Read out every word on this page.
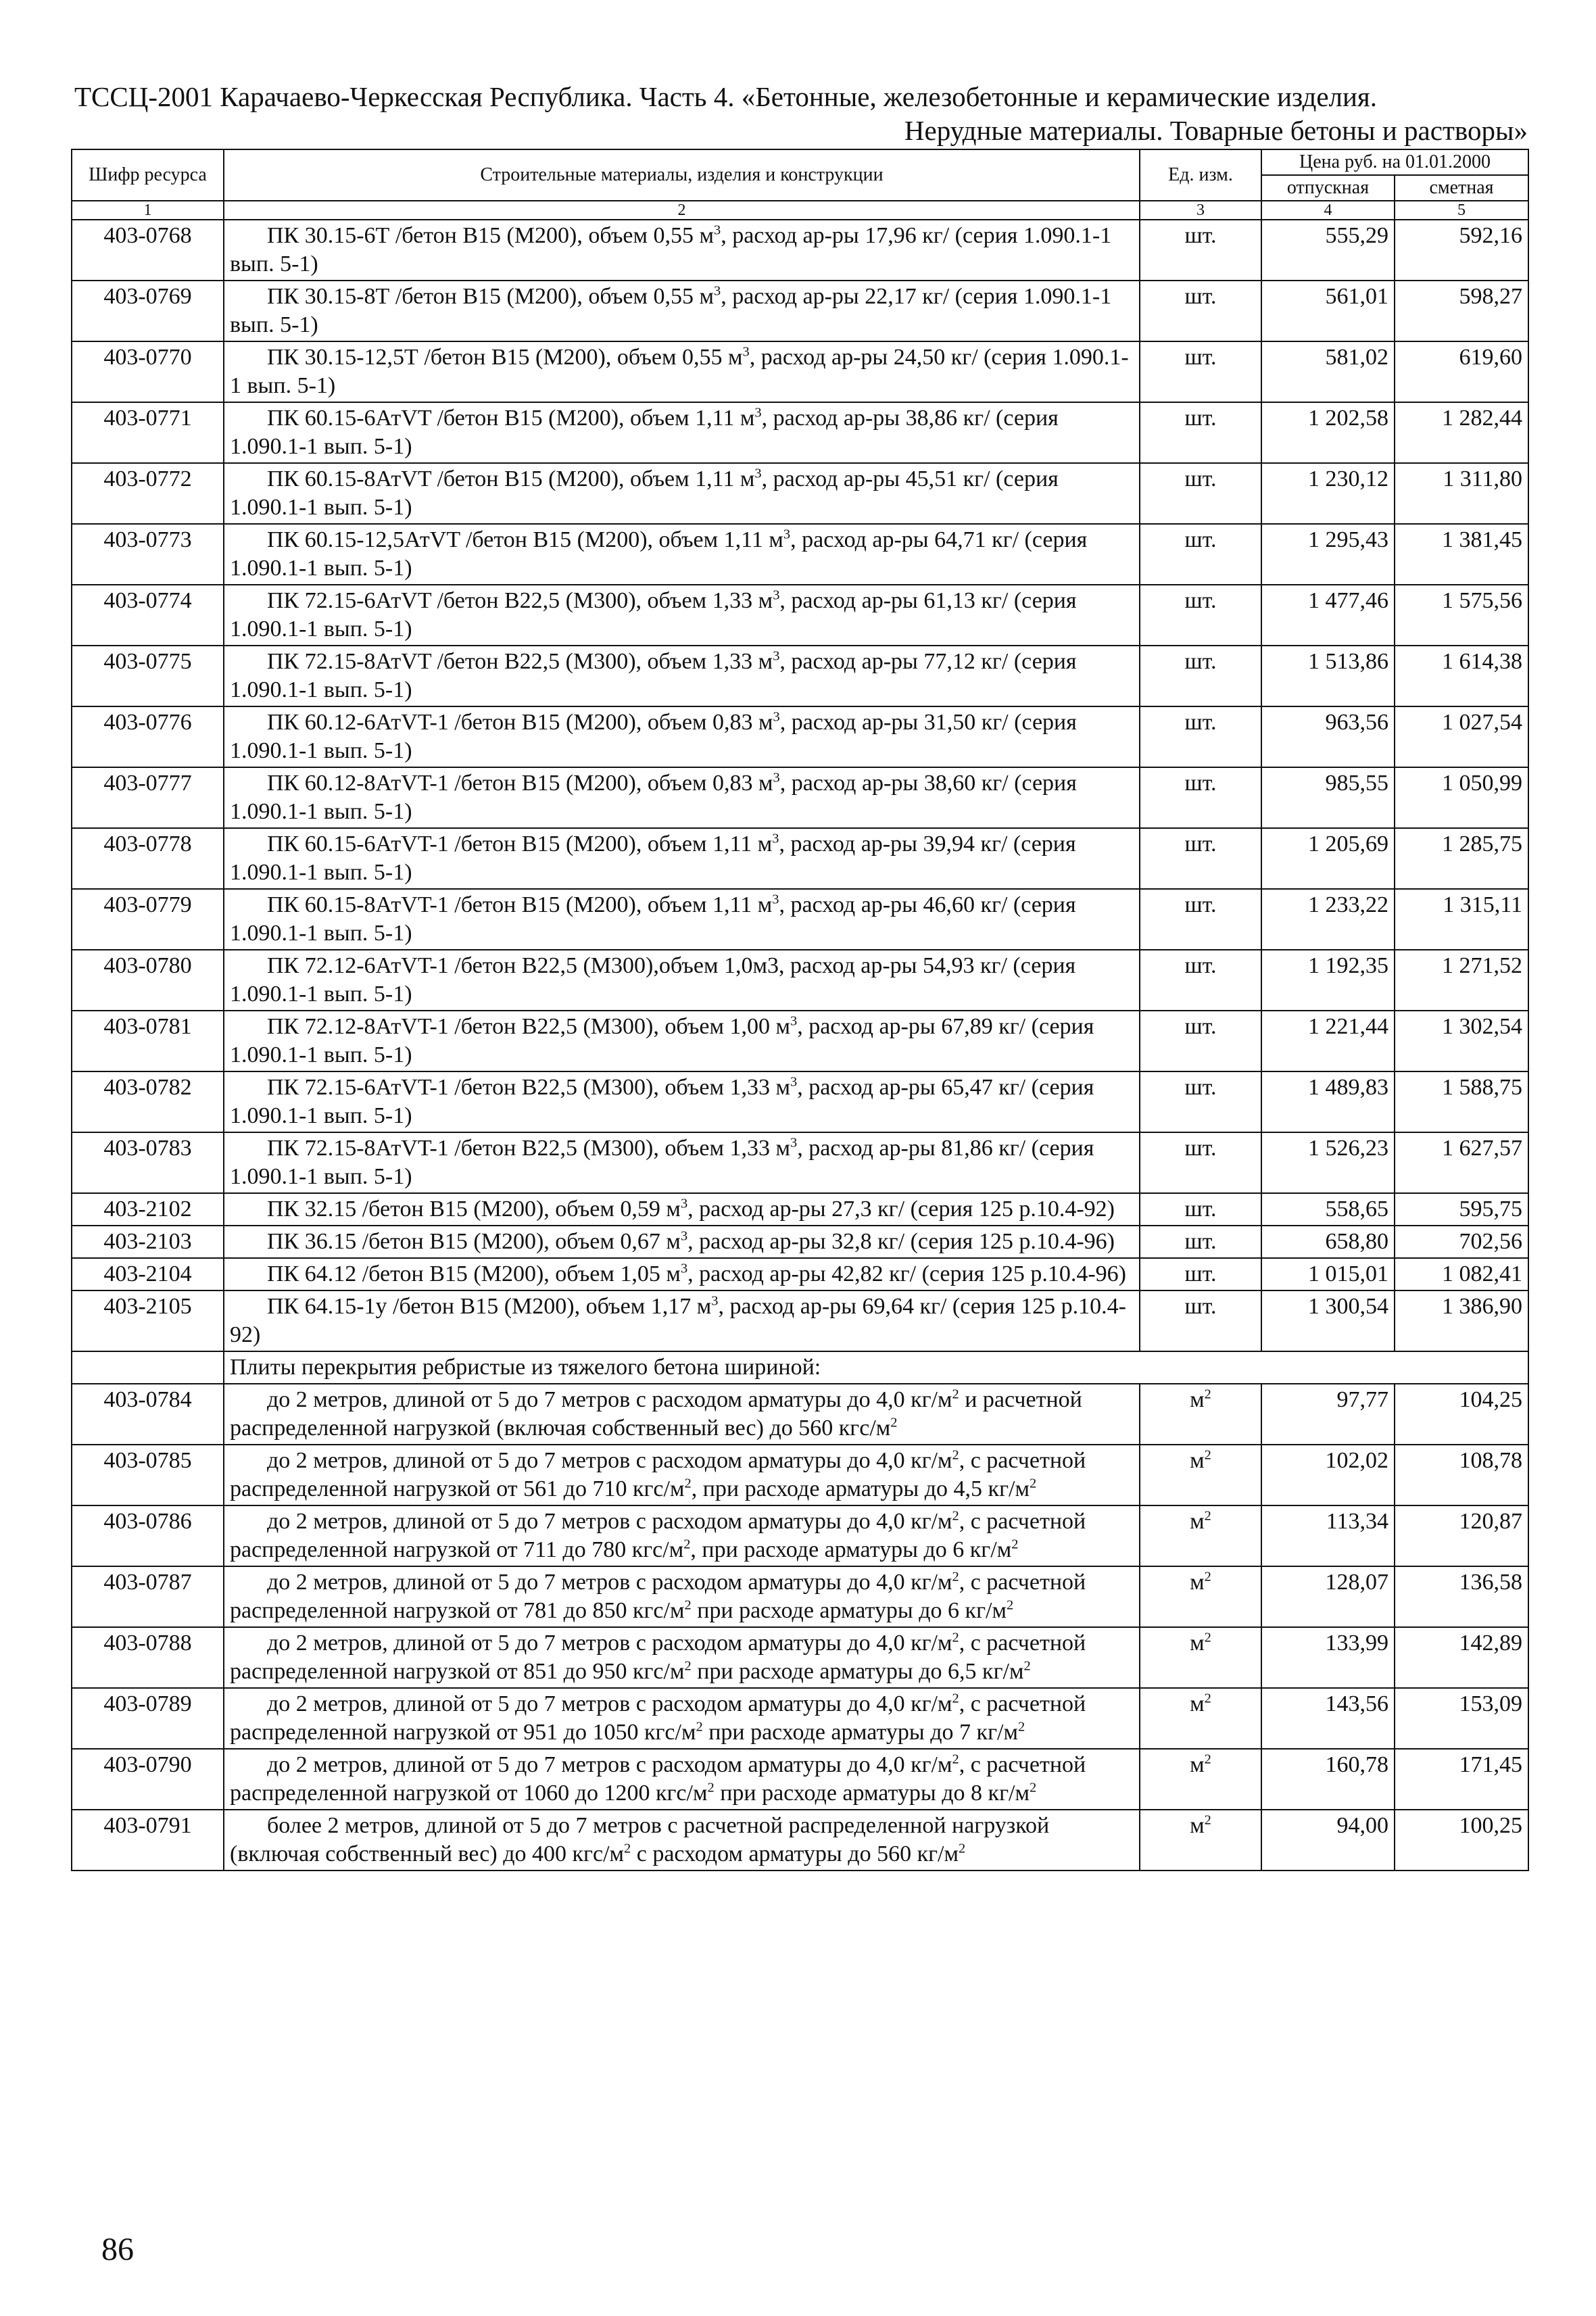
ТССЦ-2001 Карачаево-Черкесская Республика. Часть 4. «Бетонные, железобетонные и керамические изделия.
Нерудные материалы. Товарные бетоны и растворы»
Шифр ресурса	Строительные материалы, изделия и конструкции	Ед. изм.	Цена руб. на 01.01.2000	
			отпускная	сметная
1	2	3	4	5
403-0768	ПК 30.15-6Т /бетон В15 (М200), объем 0,55 $м^3$, расход ар-ры 17,96 кг/ (серия 1.090.1-1 вып. 5-1)	шт.	555,29	592,16
403-0769	ПК 30.15-8Т /бетон В15 (М200), объем 0,55 $м^3$, расход ар-ры 22,17 кг/ (серия 1.090.1-1 вып. 5-1)	шт.	561,01	598,27
403-0770	ПК 30.15-12,5Т /бетон В15 (М200), объем 0,55 $м^3$, расход ар-ры 24,50 кг/ (серия 1.090.1-1 вып. 5-1)	шт.	581,02	619,60
403-0771	ПК 60.15-6АтVT /бетон В15 (М200), объем 1,11 $м^3$, расход ар-ры 38,86 кг/ (серия 1.090.1-1 вып. 5-1)	шт.	1 202,58	1 282,44
403-0772	ПК 60.15-8АтVT /бетон В15 (М200), объем 1,11 $м^3$, расход ар-ры 45,51 кг/ (серия 1.090.1-1 вып. 5-1)	шт.	1 230,12	1 311,80
403-0773	ПК 60.15-12,5АтVT /бетон В15 (М200), объем 1,11 $м^3$, расход ар-ры 64,71 кг/ (серия 1.090.1-1 вып. 5-1)	шт.	1 295,43	1 381,45
403-0774	ПК 72.15-6АтVT /бетон В22,5 (М300), объем 1,33 $м^3$, расход ар-ры 61,13 кг/ (серия 1.090.1-1 вып. 5-1)	шт.	1 477,46	1 575,56
403-0775	ПК 72.15-8АтVT /бетон В22,5 (М300), объем 1,33 $м^3$, расход ар-ры 77,12 кг/ (серия 1.090.1-1 вып. 5-1)	шт.	1 513,86	1 614,38
403-0776	ПК 60.12-6АтVT-1 /бетон В15 (М200), объем 0,83 $м^3$, расход ар-ры 31,50 кг/ (серия 1.090.1-1 вып. 5-1)	шт.	963,56	1 027,54
403-0777	ПК 60.12-8АтVT-1 /бетон В15 (М200), объем 0,83 $м^3$, расход ар-ры 38,60 кг/ (серия 1.090.1-1 вып. 5-1)	шт.	985,55	1 050,99
403-0778	ПК 60.15-6АтVT-1 /бетон В15 (М200), объем 1,11 $м^3$, расход ар-ры 39,94 кг/ (серия 1.090.1-1 вып. 5-1)	шт.	1 205,69	1 285,75
403-0779	ПК 60.15-8АтVT-1 /бетон В15 (М200), объем 1,11 $м^3$, расход ар-ры 46,60 кг/ (серия 1.090.1-1 вып. 5-1)	шт.	1 233,22	1 315,11
403-0780	ПК 72.12-6АтVT-1 /бетон В22,5 (М300),объем 1,0м3, расход ар-ры 54,93 кг/ (серия 1.090.1-1 вып. 5-1)	шт.	1 192,35	1 271,52
403-0781	ПК 72.12-8АтVT-1 /бетон В22,5 (М300), объем 1,00 $м^3$, расход ар-ры 67,89 кг/ (серия 1.090.1-1 вып. 5-1)	шт.	1 221,44	1 302,54
403-0782	ПК 72.15-6АтVT-1 /бетон В22,5 (М300), объем 1,33 $м^3$, расход ар-ры 65,47 кг/ (серия 1.090.1-1 вып. 5-1)	шт.	1 489,83	1 588,75
403-0783	ПК 72.15-8АтVT-1 /бетон В22,5 (М300), объем 1,33 $м^3$, расход ар-ры 81,86 кг/ (серия 1.090.1-1 вып. 5-1)	шт.	1 526,23	1 627,57
403-2102	ПК 32.15 /бетон В15 (М200), объем 0,59 $м^3$, расход ар-ры 27,3 кг/ (серия 125 р.10.4-92)	шт.	558,65	595,75
403-2103	ПК 36.15 /бетон В15 (М200), объем 0,67 $м^3$, расход ар-ры 32,8 кг/ (серия 125 р.10.4-96)	шт.	658,80	702,56
403-2104	ПК 64.12 /бетон В15 (М200), объем 1,05 $м^3$, расход ар-ры 42,82 кг/ (серия 125 р.10.4-96)	шт.	1 015,01	1 082,41
403-2105	ПК 64.15-1у /бетон В15 (М200), объем 1,17 $м^3$, расход ар-ры 69,64 кг/ (серия 125 р.10.4-92)	шт.	1 300,54	1 386,90
	Плиты перекрытия ребристые из тяжелого бетона шириной:			
403-0784	до 2 метров, длиной от 5 до 7 метров с расходом арматуры до 4,0 $кг/м^2$ и расчетной распределенной нагрузкой (включая собственный вес) до 560 кгс/$м^2$	$м^2$	97,77	104,25
403-0785	до 2 метров, длиной от 5 до 7 метров с расходом арматуры до 4,0 $кг/м^2$, с расчетной распределенной нагрузкой от 561 до 710 кгс/$м^2$, при расходе арматуры до 4,5 $кг/м^2$	$м^2$	102,02	108,78
403-0786	до 2 метров, длиной от 5 до 7 метров с расходом арматуры до 4,0 $кг/м^2$, с расчетной распределенной нагрузкой от 711 до 780 кгс/$м^2$, при расходе арматуры до 6 $кг/м^2$	$м^2$	113,34	120,87
403-0787	до 2 метров, длиной от 5 до 7 метров с расходом арматуры до 4,0 $кг/м^2$, с расчетной распределенной нагрузкой от 781 до 850 кгс/$м^2$ при расходе арматуры до 6 $кг/м^2$	$м^2$	128,07	136,58
403-0788	до 2 метров, длиной от 5 до 7 метров с расходом арматуры до 4,0 $кг/м^2$, с расчетной распределенной нагрузкой от 851 до 950 кгс/$м^2$ при расходе арматуры до 6,5 $кг/м^2$	$м^2$	133,99	142,89
403-0789	до 2 метров, длиной от 5 до 7 метров с расходом арматуры до 4,0 $кг/м^2$, с расчетной распределенной нагрузкой от 951 до 1050 кгс/$м^2$ при расходе арматуры до 7 $кг/м^2$	$м^2$	143,56	153,09
403-0790	до 2 метров, длиной от 5 до 7 метров с расходом арматуры до 4,0 $кг/м^2$, с расчетной распределенной нагрузкой от 1060 до 1200 кгс/$м^2$ при расходе арматуры до 8 $кг/м^2$	$м^2$	160,78	171,45
403-0791	более 2 метров, длиной от 5 до 7 метров с расчетной распределенной нагрузкой (включая собственный вес) до 400 кгс/$м^2$ с расходом арматуры до 560 $кг/м^2$	$м^2$	94,00	100,25
86
